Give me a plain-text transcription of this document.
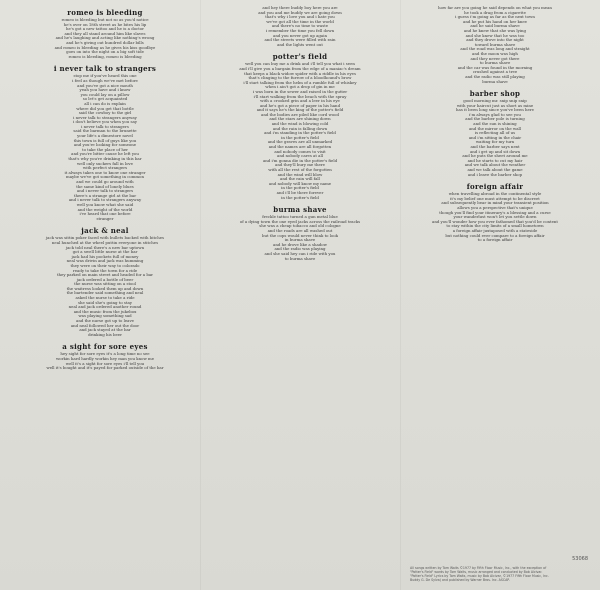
romeo is bleeding
romeo is bleeding but not so as you'd notice
he's over on 18th street as he bites his lip
he's got a new tattoo and he is a doctor
and they all stand around him like slaves
and he's laughing and acting like nothing's wrong
and he's giving out hundred dollar bills
and romeo is bleeding as he gives his kiss goodbye
goes on into the night on a big soft tide
romeo is bleeding, romeo is bleeding
i never talk to strangers
stop me if you've heard this one
i feel as though we've met before
and you've got a nice mouth
yeah you have and i know
you could lay on a pillow
so let's get acquainted
all i can do is explain
where did you get that bottle
said the cowboy to the girl
i never talk to strangers anyway
i don't believe you when you say
i never talk to strangers
said the barman to the brunette
your life's a dimestore novel
this town is full of guys like you
and you're looking for someone
to take the place of her
and you're bitter cause he left you
that's why you're drinking in this bar
well only suckers fall in love
with perfect strangers
it always takes one to know one stranger
maybe we've got something in common
and we could go around with
the same kind of lonely blues
and i never talk to strangers
there's a strange girl at the bar
and i never talk to strangers anyway
well you know what she said
and the weight of the world
i've heard that one before
stranger
jack & neal
jack was sittin poker faced with bullets backed with bitches
neal hunched at the wheel puttin everyone in stitches
jack told neal there's a new bar uptown
got a swell little nurse at the bar
jack had his pockets full of money
neal was drivin and jack was humming
they were on their way to colorado
ready to take the town for a ride
they parked on main street and headed for a bar
jack ordered a bottle of beer
the nurse was sitting on a stool
the waitress looked them up and down
the bartender said something and neal
asked the nurse to take a ride
she said she's going to stay
neal and jack ordered another round
and the music from the jukebox
was playing something sad
and the nurse got up to leave
and neal followed her out the door
and jack stayed at the bar
drinking his beer
a sight for sore eyes
hey sight for sore eyes it's a long time no see
workin hard hardly workin hey man you know me
well it's a sight for sore eyes i'll tell you
well it's bought and it's payed for parked outside of the bar
and hey there buddy boy here you are
and you and me buddy we are going down
that's why i love you and i hate you
we've got all the time in the world
and there's no time to waste
i remember the time you fell down
and you never got up again
and the streets were filled with rain
and the lights went out
potter's field
well you can buy me a drink and i'll tell you what i seen
and i'll give you a bargain from the edge of a maniac's dream
that keeps a black widow spider with a riddle in his eyes
that's clinging to the furrow of a bloodhound's brow
i'll start talking from the helm of a rumble full of whiskey
when i ain't got a drop of gin in me
i was born in the sewer and raised in the gutter
i'll start walking from the beach with the spray
with a crooked grin and a leer in his eye
and he's got a piece of paper in his hand
and it says he's the king of the potter's field
and the bodies are piled like cord wood
and the stars are shining down
and the wind is blowing cold
and the rain is falling down
and i'm standing in the potter's field
in the potter's field
and the graves are all unmarked
and the names are all forgotten
and nobody comes to visit
and nobody cares at all
and i'm gonna die in the potter's field
and they'll bury me there
with all the rest of the forgotten
and the wind will blow
and the rain will fall
and nobody will know my name
in the potter's field
and i'll be there forever
in the potter's field
burma shave
freckle tattoo turned a gun metal blue
of a dying town the one eyed jacks across the railroad tracks
she was a cheap tobacco and old cologne
and the roads are all washed out
but the cops would never think to look
in burma shave
and he drove like a shadow
and the radio was playing
and she said hey can i ride with you
to burma shave
how far are you going he said depends on what you mean
he took a drag from a cigarette
i guess i'm going as far as the next town
and he put his hand on her knee
and he said burma shave
and he knew that she was lying
and she knew that he was too
and they drove into the night
toward burma shave
and the road was long and straight
and the moon was high
and they never got there
to burma shave
and the car was found in the morning
crushed against a tree
and the radio was still playing
burma shave
barber shop
good morning mr. snip snip snip
with your haircut just as short as mine
has it been long since you've been here
i'm always glad to see you
and the barber pole is turning
and the sun is shining
and the mirror on the wall
is reflecting all of us
and i'm sitting in the chair
waiting for my turn
and the barber says next
and i get up and sit down
and he puts the sheet around me
and he starts to cut my hair
and we talk about the weather
and we talk about the game
and i leave the barber shop
foreign affair
when travelling abroad in the continental style
it's my belief one must attempt to be discreet
and subsequently bear in mind your transient position
allows you a perspective that's unique
though you'll find your itinerary's a blessing and a curse
your wanderlust won't let you settle down
and you'll wonder how you ever fathomed that you'd be content
to stay within the city limits of a small hometown
a foreign affair juxtaposed with a stateside
but nothing could ever compare to a foreign affair
to a foreign affair
53068
All songs written by Tom Waits ©1977 by Fifth Floor Music, Inc., with the exception of
"Potter's Field" words by Tom Waits, music arranged and conducted by Bob Alcivar.
"Potter's Field" Lyrics by Tom Waits, music by Bob Alcivar, ©1977 Fifth Floor Music, Inc.
Buddy G. De Sylva) and published by Warner Bros. Inc. ASCAP.
